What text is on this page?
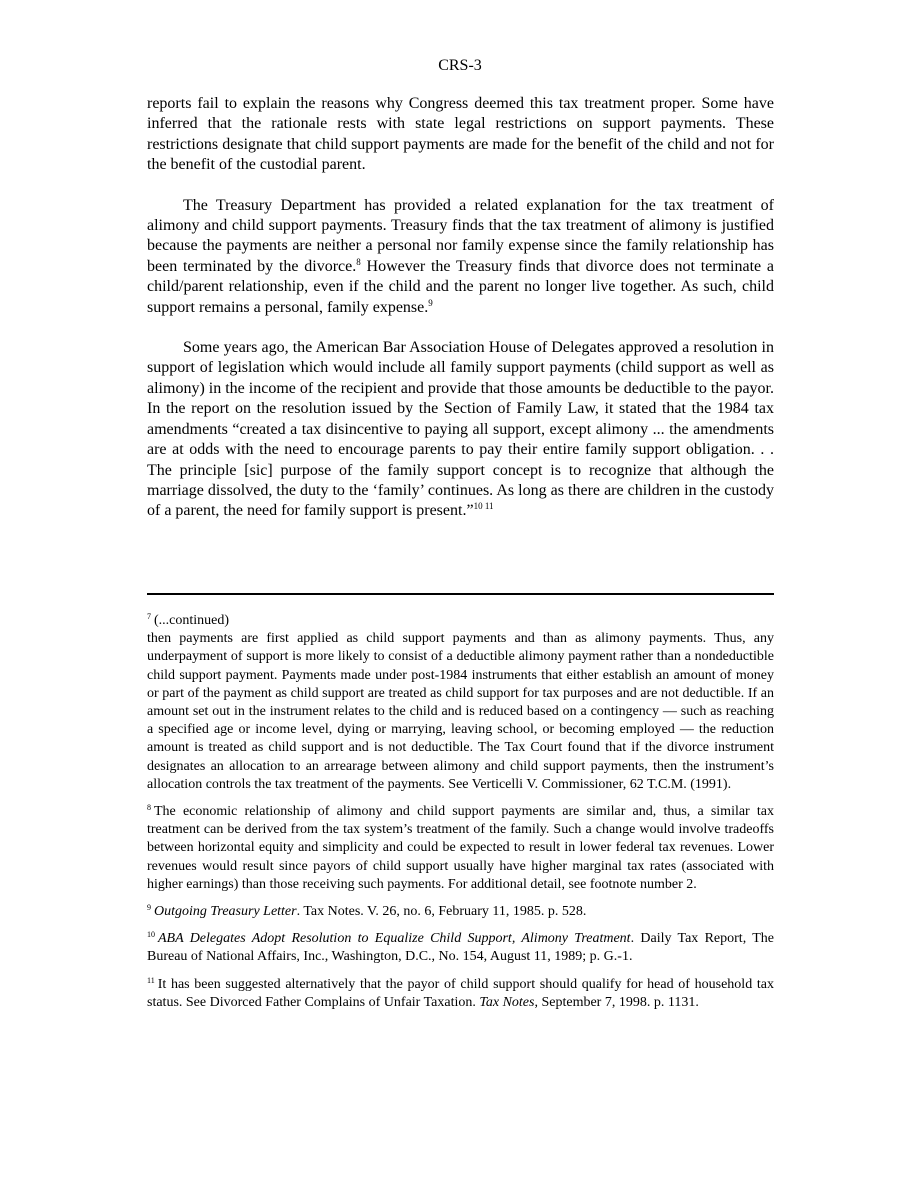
CRS-3

reports fail to explain the reasons why Congress deemed this tax treatment proper. Some have inferred that the rationale rests with state legal restrictions on support payments. These restrictions designate that child support payments are made for the benefit of the child and not for the benefit of the custodial parent.

The Treasury Department has provided a related explanation for the tax treatment of alimony and child support payments. Treasury finds that the tax treatment of alimony is justified because the payments are neither a personal nor family expense since the family relationship has been terminated by the divorce.$^8$ However the Treasury finds that divorce does not terminate a child/parent relationship, even if the child and the parent no longer live together. As such, child support remains a personal, family expense.$^9$

Some years ago, the American Bar Association House of Delegates approved a resolution in support of legislation which would include all family support payments (child support as well as alimony) in the income of the recipient and provide that those amounts be deductible to the payor. In the report on the resolution issued by the Section of Family Law, it stated that the 1984 tax amendments “created a tax disincentive to paying all support, except alimony ... the amendments are at odds with the need to encourage parents to pay their entire family support obligation. . . The principle [sic] purpose of the family support concept is to recognize that although the marriage dissolved, the duty to the ‘family’ continues. As long as there are children in the custody of a parent, the need for family support is present.”$^{10 11}$

$^7$ (...continued)

then payments are first applied as child support payments and than as alimony payments. Thus, any underpayment of support is more likely to consist of a deductible alimony payment rather than a nondeductible child support payment. Payments made under post-1984 instruments that either establish an amount of money or part of the payment as child support are treated as child support for tax purposes and are not deductible. If an amount set out in the instrument relates to the child and is reduced based on a contingency — such as reaching a specified age or income level, dying or marrying, leaving school, or becoming employed — the reduction amount is treated as child support and is not deductible. The Tax Court found that if the divorce instrument designates an allocation to an arrearage between alimony and child support payments, then the instrument’s allocation controls the tax treatment of the payments. See Verticelli V. Commissioner, 62 T.C.M. (1991).

$^8$ The economic relationship of alimony and child support payments are similar and, thus, a similar tax treatment can be derived from the tax system’s treatment of the family. Such a change would involve tradeoffs between horizontal equity and simplicity and could be expected to result in lower federal tax revenues. Lower revenues would result since payors of child support usually have higher marginal tax rates (associated with higher earnings) than those receiving such payments. For additional detail, see footnote number 2.

$^9$ Outgoing Treasury Letter. Tax Notes. V. 26, no. 6, February 11, 1985. p. 528.

$^{10}$ ABA Delegates Adopt Resolution to Equalize Child Support, Alimony Treatment. Daily Tax Report, The Bureau of National Affairs, Inc., Washington, D.C., No. 154, August 11, 1989; p. G.-1.

$^{11}$ It has been suggested alternatively that the payor of child support should qualify for head of household tax status. See Divorced Father Complains of Unfair Taxation. Tax Notes, September 7, 1998. p. 1131.
